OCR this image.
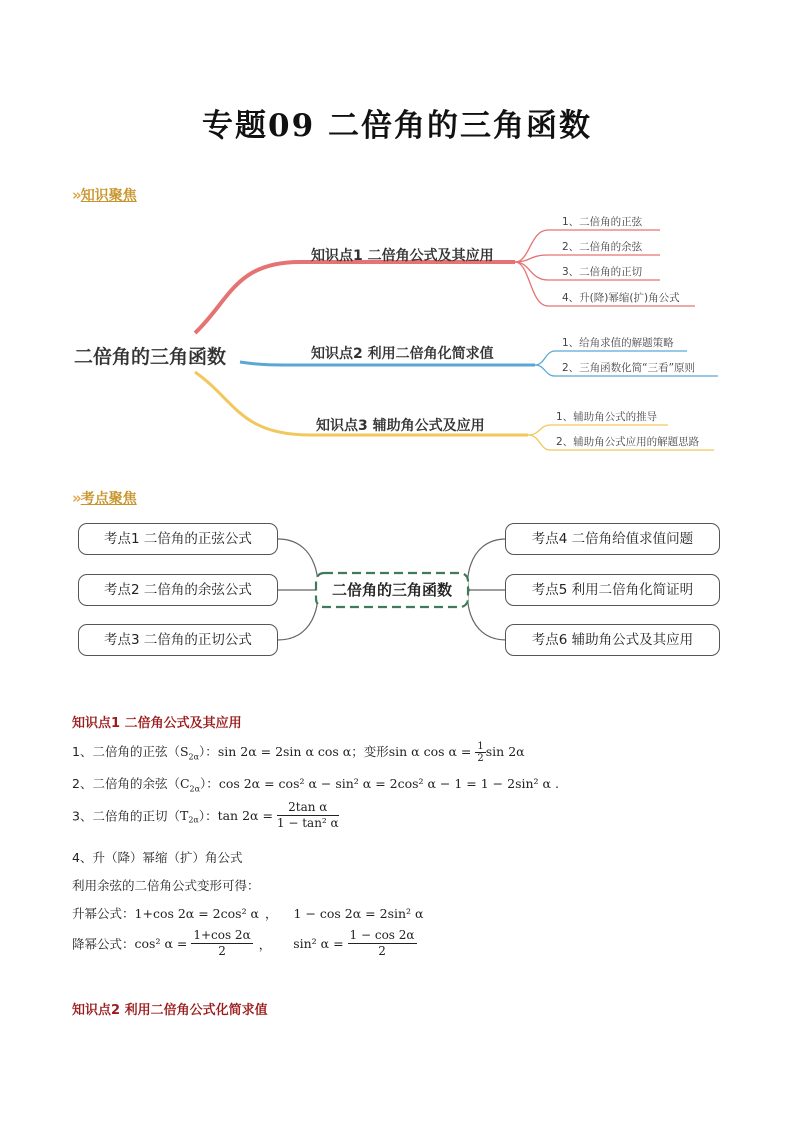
专题09 二倍角的三角函数
» 知识聚焦
二倍角的三角函数
知识点1 二倍角公式及其应用
知识点2 利用二倍角化简求值
知识点3 辅助角公式及应用
1、二倍角的正弦
2、二倍角的余弦
3、二倍角的正切
4、升(降)幂缩(扩)角公式
1、给角求值的解题策略
2、三角函数化简“三看”原则
1、辅助角公式的推导
2、辅助角公式应用的解题思路
» 考点聚焦
二倍角的三角函数
考点1 二倍角的正弦公式
考点2 二倍角的余弦公式
考点3 二倍角的正切公式
考点4 二倍角给值求值问题
考点5 利用二倍角化简证明
考点6 辅助角公式及其应用
知识点1 二倍角公式及其应用
1、二倍角的正弦$(S_{2\alpha})$：sin 2α = 2sin α cos α；变形sin α $\cos \alpha = \frac{1}{2}$ sin 2α
2、二倍角的余弦$(C_{2\alpha})$：cos 2α = cos² α − sin² α = 2cos² α − 1 = 1 − 2sin² α .
3、二倍角的正切$(T_{2\alpha})$：$\tan 2\alpha = \frac{\text{2tan α}}{\text{1 − tan² α}}$
4、升（降）幂缩（扩）角公式
利用余弦的二倍角公式变形可得：
升幂公式：1+cos 2α = 2cos² α ， 1 − cos 2α = 2sin² α
降幂公式：cos² $\alpha = \frac{1+\cos 2\alpha}{2}$ ， sin² $\alpha = \frac{1 - \cos 2\alpha}{2}$
知识点2 利用二倍角公式化简求值
